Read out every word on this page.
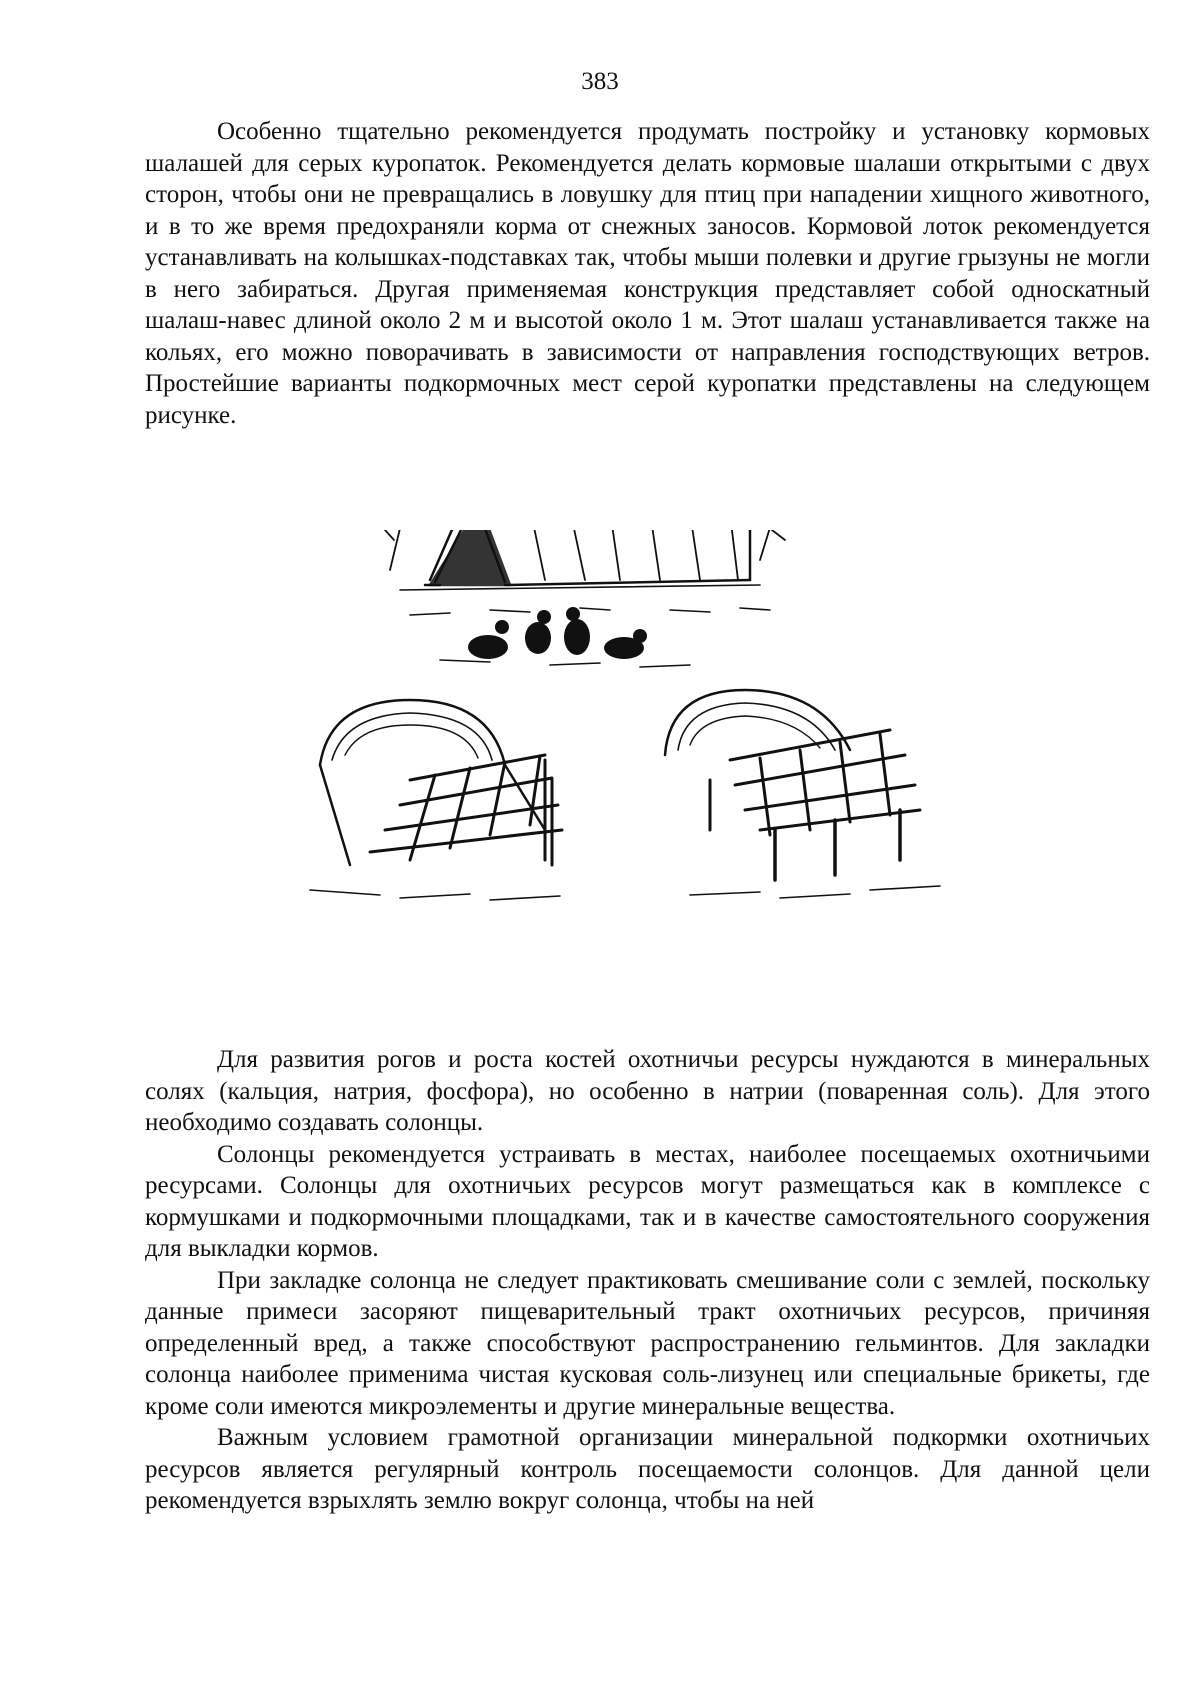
383

Особенно тщательно рекомендуется продумать постройку и установку кормовых шалашей для серых куропаток. Рекомендуется делать кормовые шалаши открытыми с двух сторон, чтобы они не превращались в ловушку для птиц при нападении хищного животного, и в то же время предохраняли корма от снежных заносов. Кормовой лоток рекомендуется устанавливать на колышках-подставках так, чтобы мыши полевки и другие грызуны не могли в него забираться. Другая применяемая конструкция представляет собой односкатный шалаш-навес длиной около 2 м и высотой около 1 м. Этот шалаш устанавливается также на кольях, его можно поворачивать в зависимости от направления господствующих ветров. Простейшие варианты подкормочных мест серой куропатки представлены на следующем рисунке.

Для развития рогов и роста костей охотничьи ресурсы нуждаются в минеральных солях (кальция, натрия, фосфора), но особенно в натрии (поваренная соль). Для этого необходимо создавать солонцы.

Солонцы рекомендуется устраивать в местах, наиболее посещаемых охотничьими ресурсами. Солонцы для охотничьих ресурсов могут размещаться как в комплексе с кормушками и подкормочными площадками, так и в качестве самостоятельного сооружения для выкладки кормов.

При закладке солонца не следует практиковать смешивание соли с землей, поскольку данные примеси засоряют пищеварительный тракт охотничьих ресурсов, причиняя определенный вред, а также способствуют распространению гельминтов. Для закладки солонца наиболее применима чистая кусковая соль-лизунец или специальные брикеты, где кроме соли имеются микроэлементы и другие минеральные вещества.

Важным условием грамотной организации минеральной подкормки охотничьих ресурсов является регулярный контроль посещаемости солонцов. Для данной цели рекомендуется взрыхлять землю вокруг солонца, чтобы на ней
